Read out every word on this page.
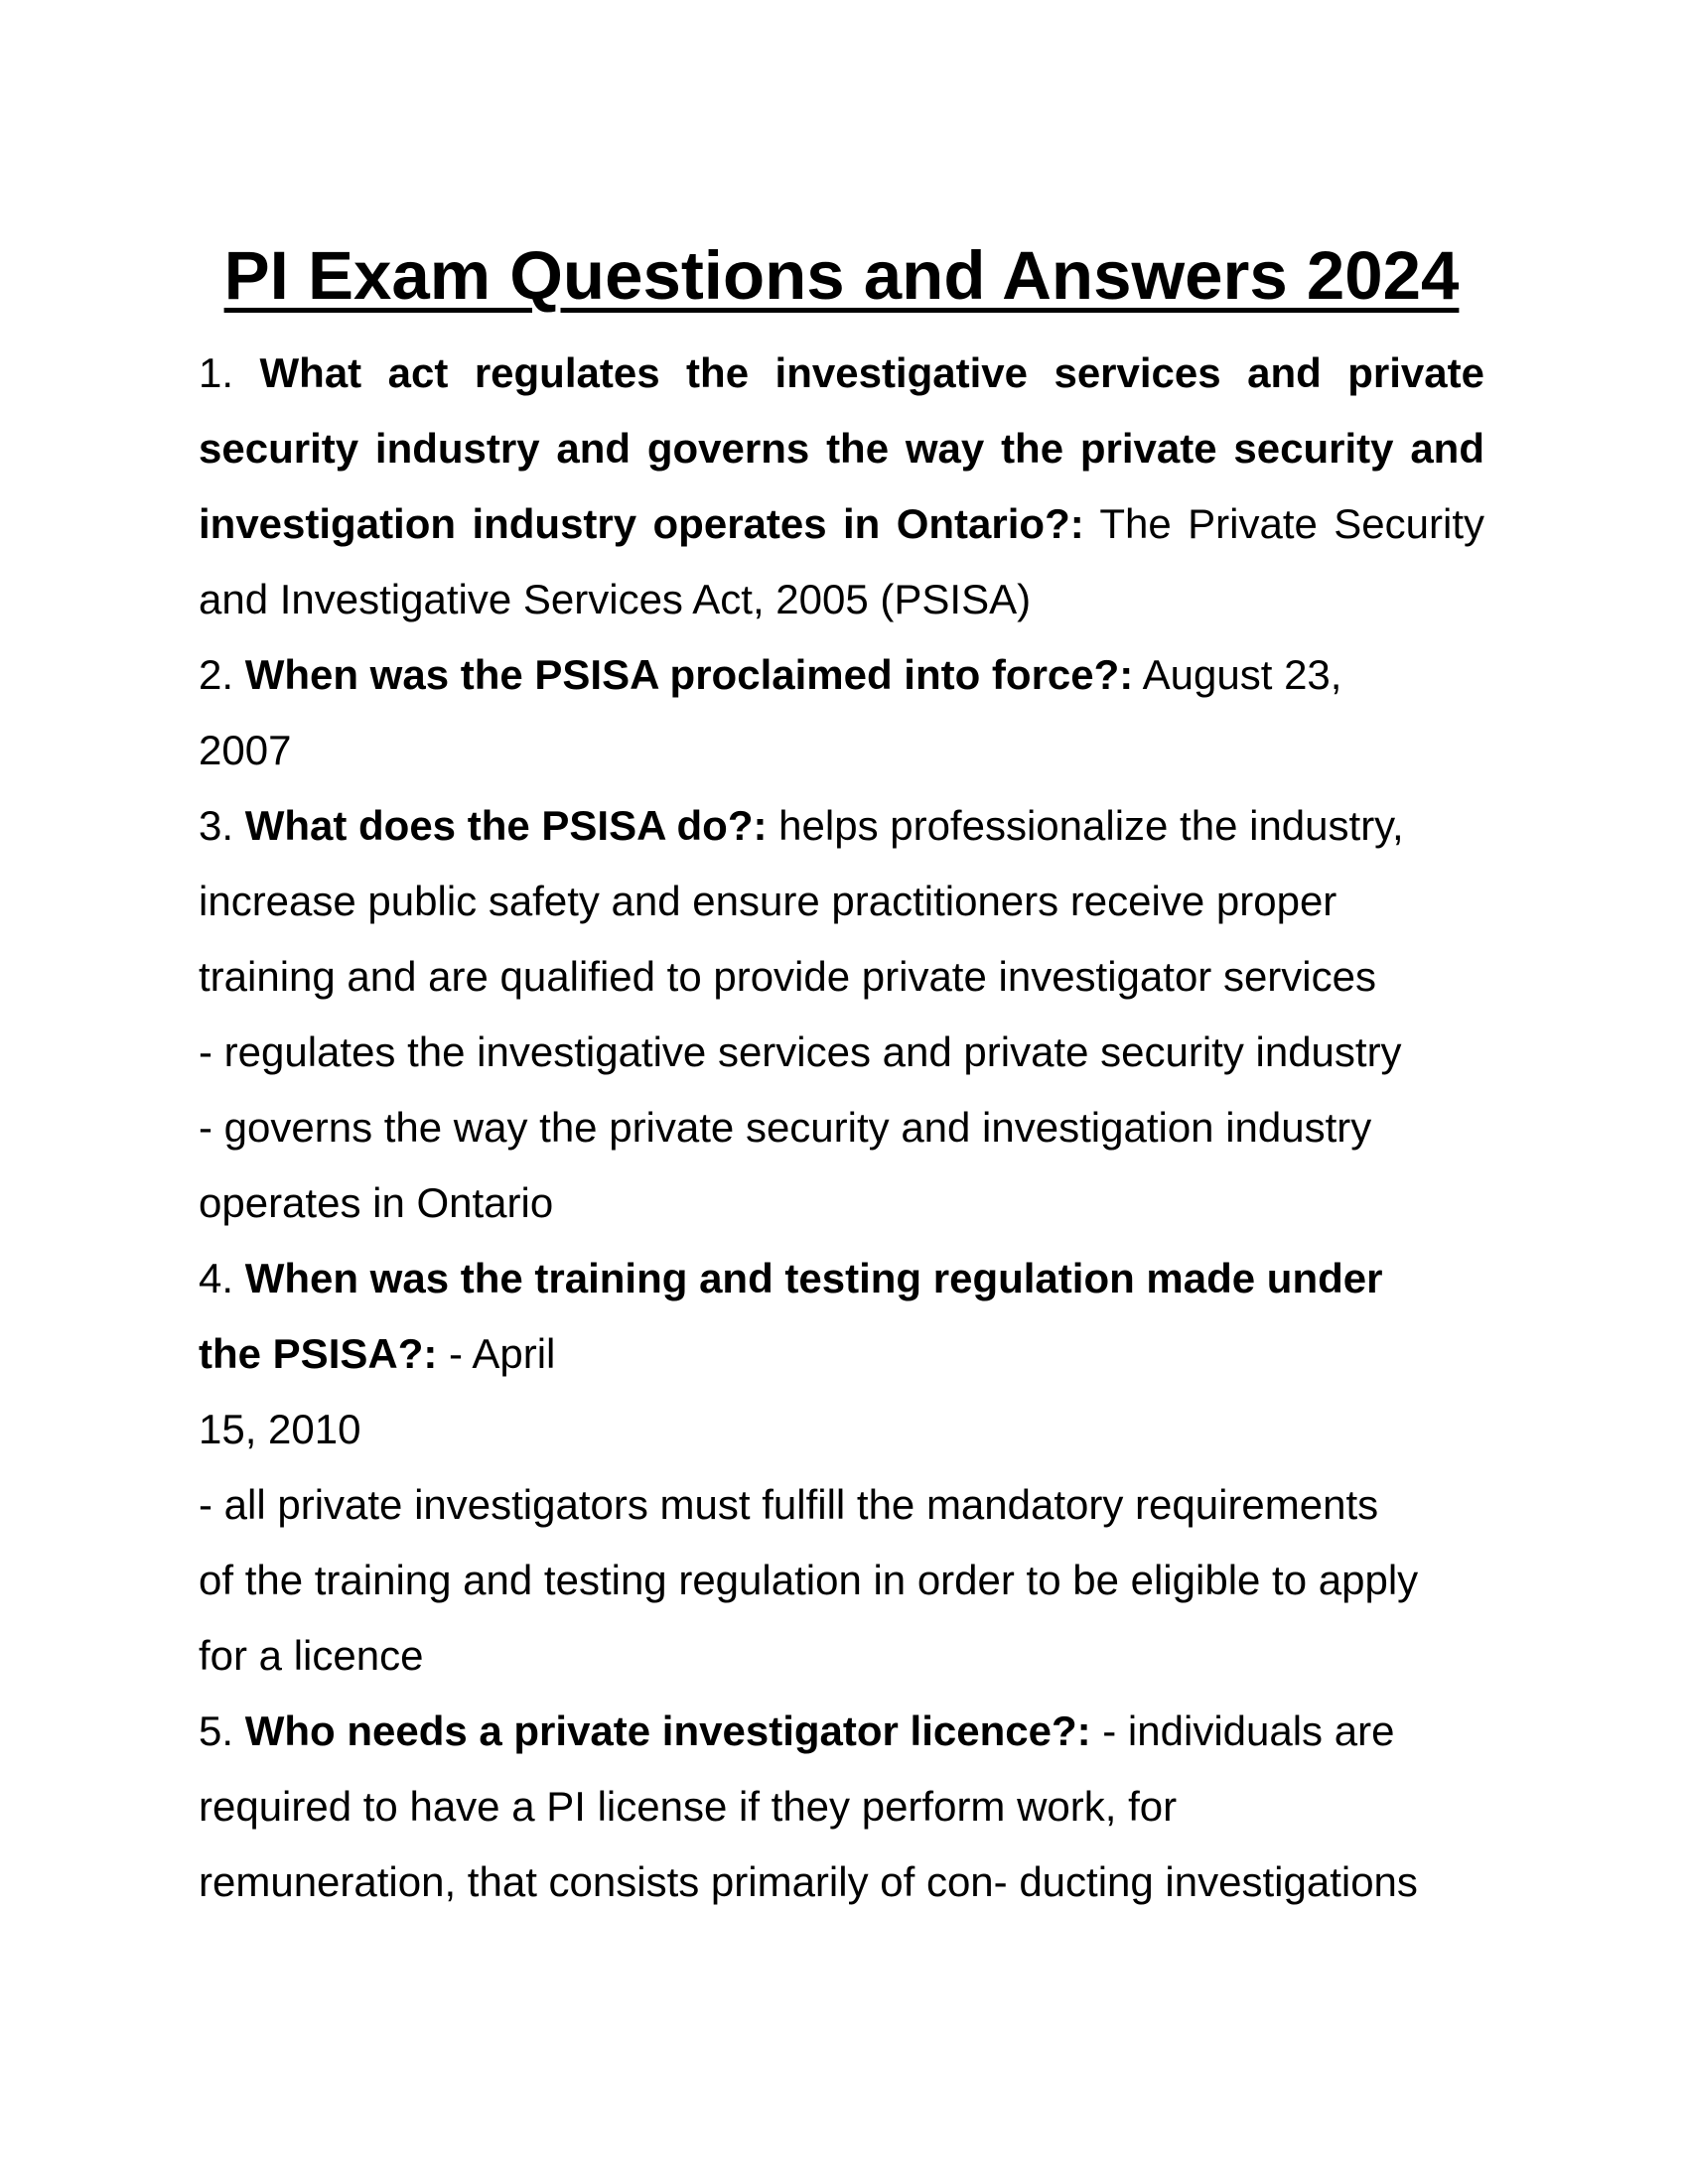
PI Exam Questions and Answers 2024

1. What act regulates the investigative services and private security industry and governs the way the private security and investigation industry operates in Ontario?: The Private Security and Investigative Services Act, 2005 (PSISA)

2. When was the PSISA proclaimed into force?: August 23,

2007

3. What does the PSISA do?: helps professionalize the industry,

increase public safety and ensure practitioners receive proper

training and are qualified to provide private investigator services

- regulates the investigative services and private security industry

- governs the way the private security and investigation industry

operates in Ontario

4. When was the training and testing regulation made under

the PSISA?: - April

15, 2010

- all private investigators must fulfill the mandatory requirements

of the training and testing regulation in order to be eligible to apply

for a licence

5. Who needs a private investigator licence?: - individuals are

required to have a PI license if they perform work, for

remuneration, that consists primarily of con- ducting investigations
